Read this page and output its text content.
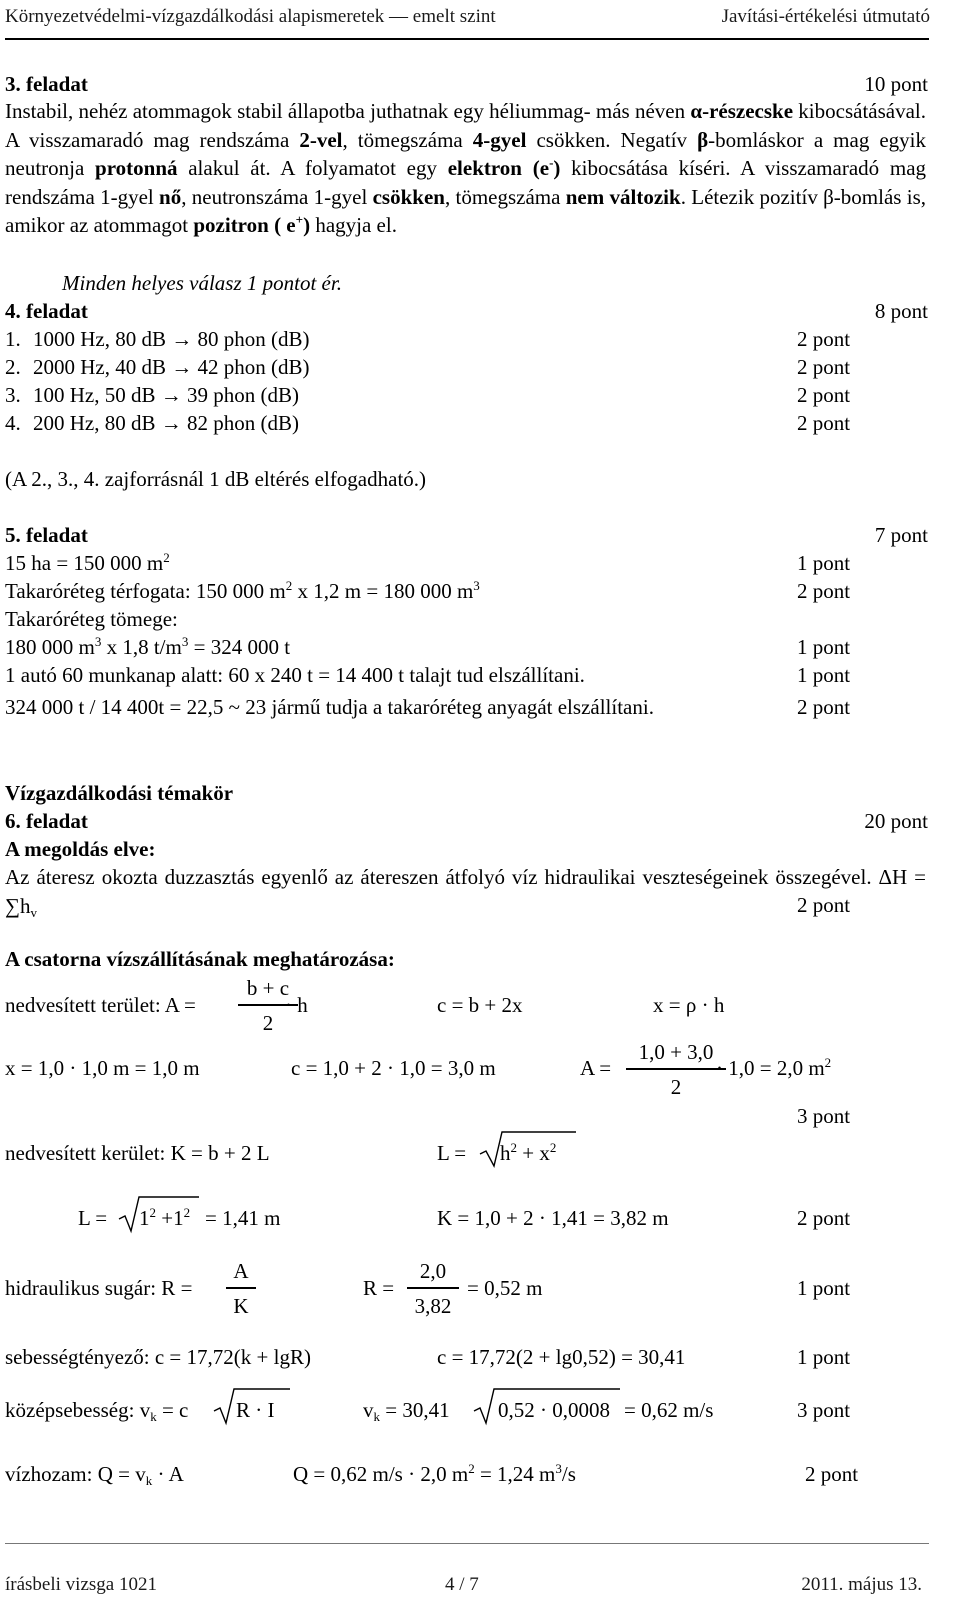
Környezetvédelmi-vízgazdálkodási alapismeretek — emelt szint	Javítási-értékelési útmutató
3. feladat	10 pont
Instabil, nehéz atommagok stabil állapotba juthatnak egy héliummag- más néven α-részecske kibocsátásával. A visszamaradó mag rendszáma 2-vel, tömegszáma 4-gyel csökken. Negatív β-bomláskor a mag egyik neutronja protonná alakul át. A folyamatot egy elektron (e-) kibocsátása kíséri. A visszamaradó mag rendszáma 1-gyel nő, neutronszáma 1-gyel csökken, tömegszáma nem változik. Létezik pozitív β-bomlás is, amikor az atommagot pozitron ( e+) hagyja el.
Minden helyes válasz 1 pontot ér.
4. feladat	8 pont
1. 1000 Hz, 80 dB → 80 phon (dB)	2 pont
2. 2000 Hz, 40 dB → 42 phon (dB)	2 pont
3. 100 Hz, 50 dB → 39 phon (dB)	2 pont
4. 200 Hz, 80 dB → 82 phon (dB)	2 pont
(A 2., 3., 4. zajforrásnál 1 dB eltérés elfogadható.)
5. feladat	7 pont
15 ha = 150 000 $m^2$	1 pont
Takaróréteg térfogata: 150 000 $m^2$ x 1,2 m = 180 000 $m^3$	2 pont
Takaróréteg tömege:
180 000 $m^3$ x 1,8 $t/m^3 = 324$ 000 t	1 pont
1 autó 60 munkanap alatt: 60 x 240 t = 14 400 t talajt tud elszállítani.	1 pont
324 000 t / 14 400t = 22,5 ~ 23 jármű tudja a takaróréteg anyagát elszállítani.	2 pont
Vízgazdálkodási témakör
6. feladat	20 pont
A megoldás elve:
Az áteresz okozta duzzasztás egyenlő az átereszen átfolyó víz hidraulikai veszteségeinek összegével. $\Delta H = \sum h_v$	2 pont
A csatorna vízszállításának meghatározása:
nedvesített terület: A =
b + c
2
· h	c = b + 2x	x = ρ · h
x = 1,0 · 1,0 m = 1,0 m	c = 1,0 + 2 · 1,0 = 3,0 m	A =
1,0 + 3,0
2
· 1,0 = 2,0 $m^2$
3 pont
nedvesített kerület: K = b + 2 L	$L = h^2 + x^2$
$L = 1^2 +1^2 = 1,41$ m	K = 1,0 + 2 · 1,41 = 3,82 m	2 pont
hidraulikus sugár: R =
A
K
R =
2,0
3,82
= 0,52 m	1 pont
sebességtényező: c = 17,72(k + lgR)	c = 17,72(2 + lg0,52) = 30,41	1 pont
középsebesség: $v_k = c$ R · I	$v_k = 30,41$ 0,52 · 0,0008 = 0,62 m/s	3 pont
vízhozam: $Q = v_k \cdot A$	Q = 0,62 m/s · 2,0 $m^2 = 1,24$ $m^3/s$	2 pont
írásbeli vizsga 1021	4 / 7	2011. május 13.
